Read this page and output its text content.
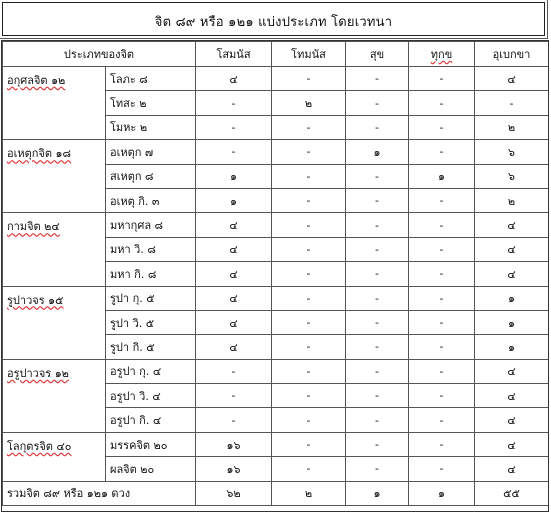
จิต ๘๙ หรือ ๑๒๑ แบ่งประเภท โดยเวทนา
ประเภทของจิต		โสมนัส	โทมนัส	สุข	ทุกข	อุเบกขา
อกุศลจิต ๑๒	โลภะ ๘	๔	-	-	-	๔
	โทสะ ๒	-	๒	-	-	-
	โมหะ ๒	-	-	-	-	๒
อเหตุกจิต ๑๘	อเหตุก ๗	-	-	๑	-	๖
	สเหตุก ๘	๑	-	-	๑	๖
	อเหตุ กิ. ๓	๑	-	-	-	๒
กามจิต ๒๔	มหากุศล ๘	๔	-	-	-	๔
	มหา วิ. ๘	๔	-	-	-	๔
	มหา กิ. ๘	๔	-	-	-	๔
รูปาวจร ๑๕	รูปา กุ. ๕	๔	-	-	-	๑
	รูปา วิ. ๕	๔	-	-	-	๑
	รูปา กิ. ๕	๔	-	-	-	๑
อรูปาวจร ๑๒	อรูปา กุ. ๔	-	-	-	-	๔
	อรูปา วิ. ๔	-	-	-	-	๔
	อรูปา กิ. ๔	-	-	-	-	๔
โลกุตรจิต ๔๐	มรรคจิต ๒๐	๑๖	-	-	-	๔
	ผลจิต ๒๐	๑๖	-	-	-	๔
รวมจิต ๘๙ หรือ ๑๒๑ ดวง		๖๒	๒	๑	๑	๕๕
